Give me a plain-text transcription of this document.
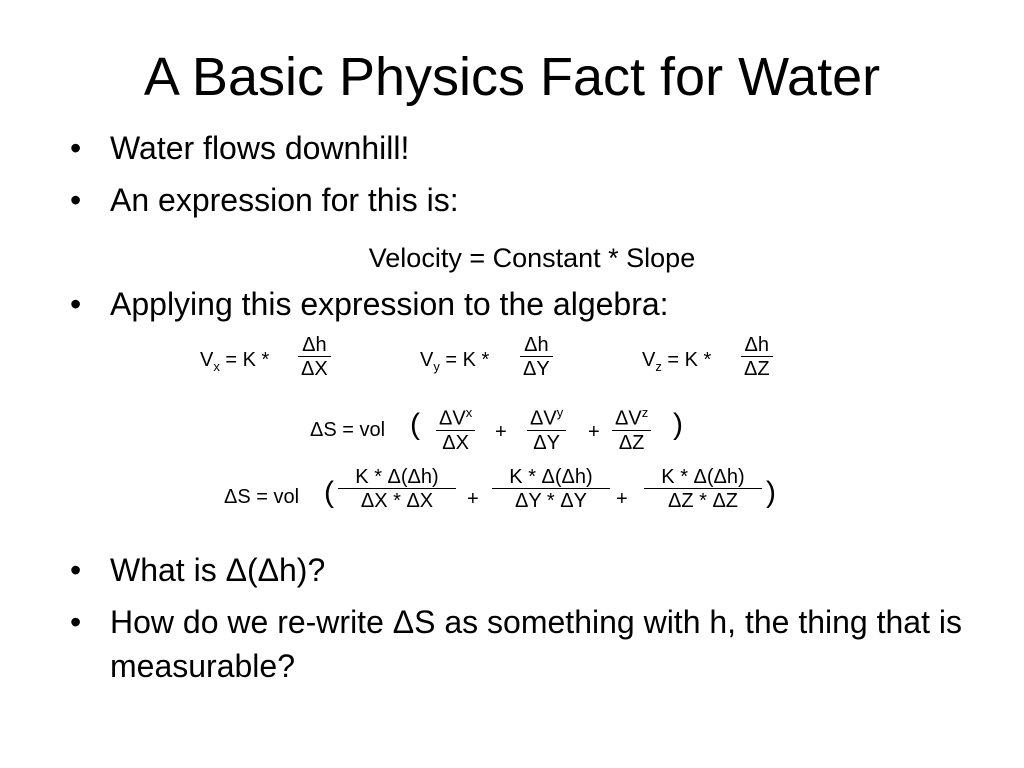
A Basic Physics Fact for Water
• Water flows downhill!
• An expression for this is:
Velocity = Constant * Slope
• Applying this expression to the algebra:
$V_x = K * \frac{\Delta h}{\Delta X}$	$V_y = K * \frac{\Delta h}{\Delta Y}$	$V_z = K * \frac{\Delta h}{\Delta Z}$
ΔS = vol ( $\Delta V^x$
ΔX	+
$\Delta V^y$
ΔY	+
$\Delta V^z$
ΔZ
)
ΔS = vol ( $\frac{K * \Delta(\Delta h)}{\Delta X * \Delta X} + \frac{K * \Delta(\Delta h)}{\Delta Y * \Delta Y} + \frac{K * \Delta(\Delta h)}{\Delta Z * \Delta Z}$ )
• What is Δ(Δh)?
• How do we re-write ΔS as something with h, the thing that is measurable?
